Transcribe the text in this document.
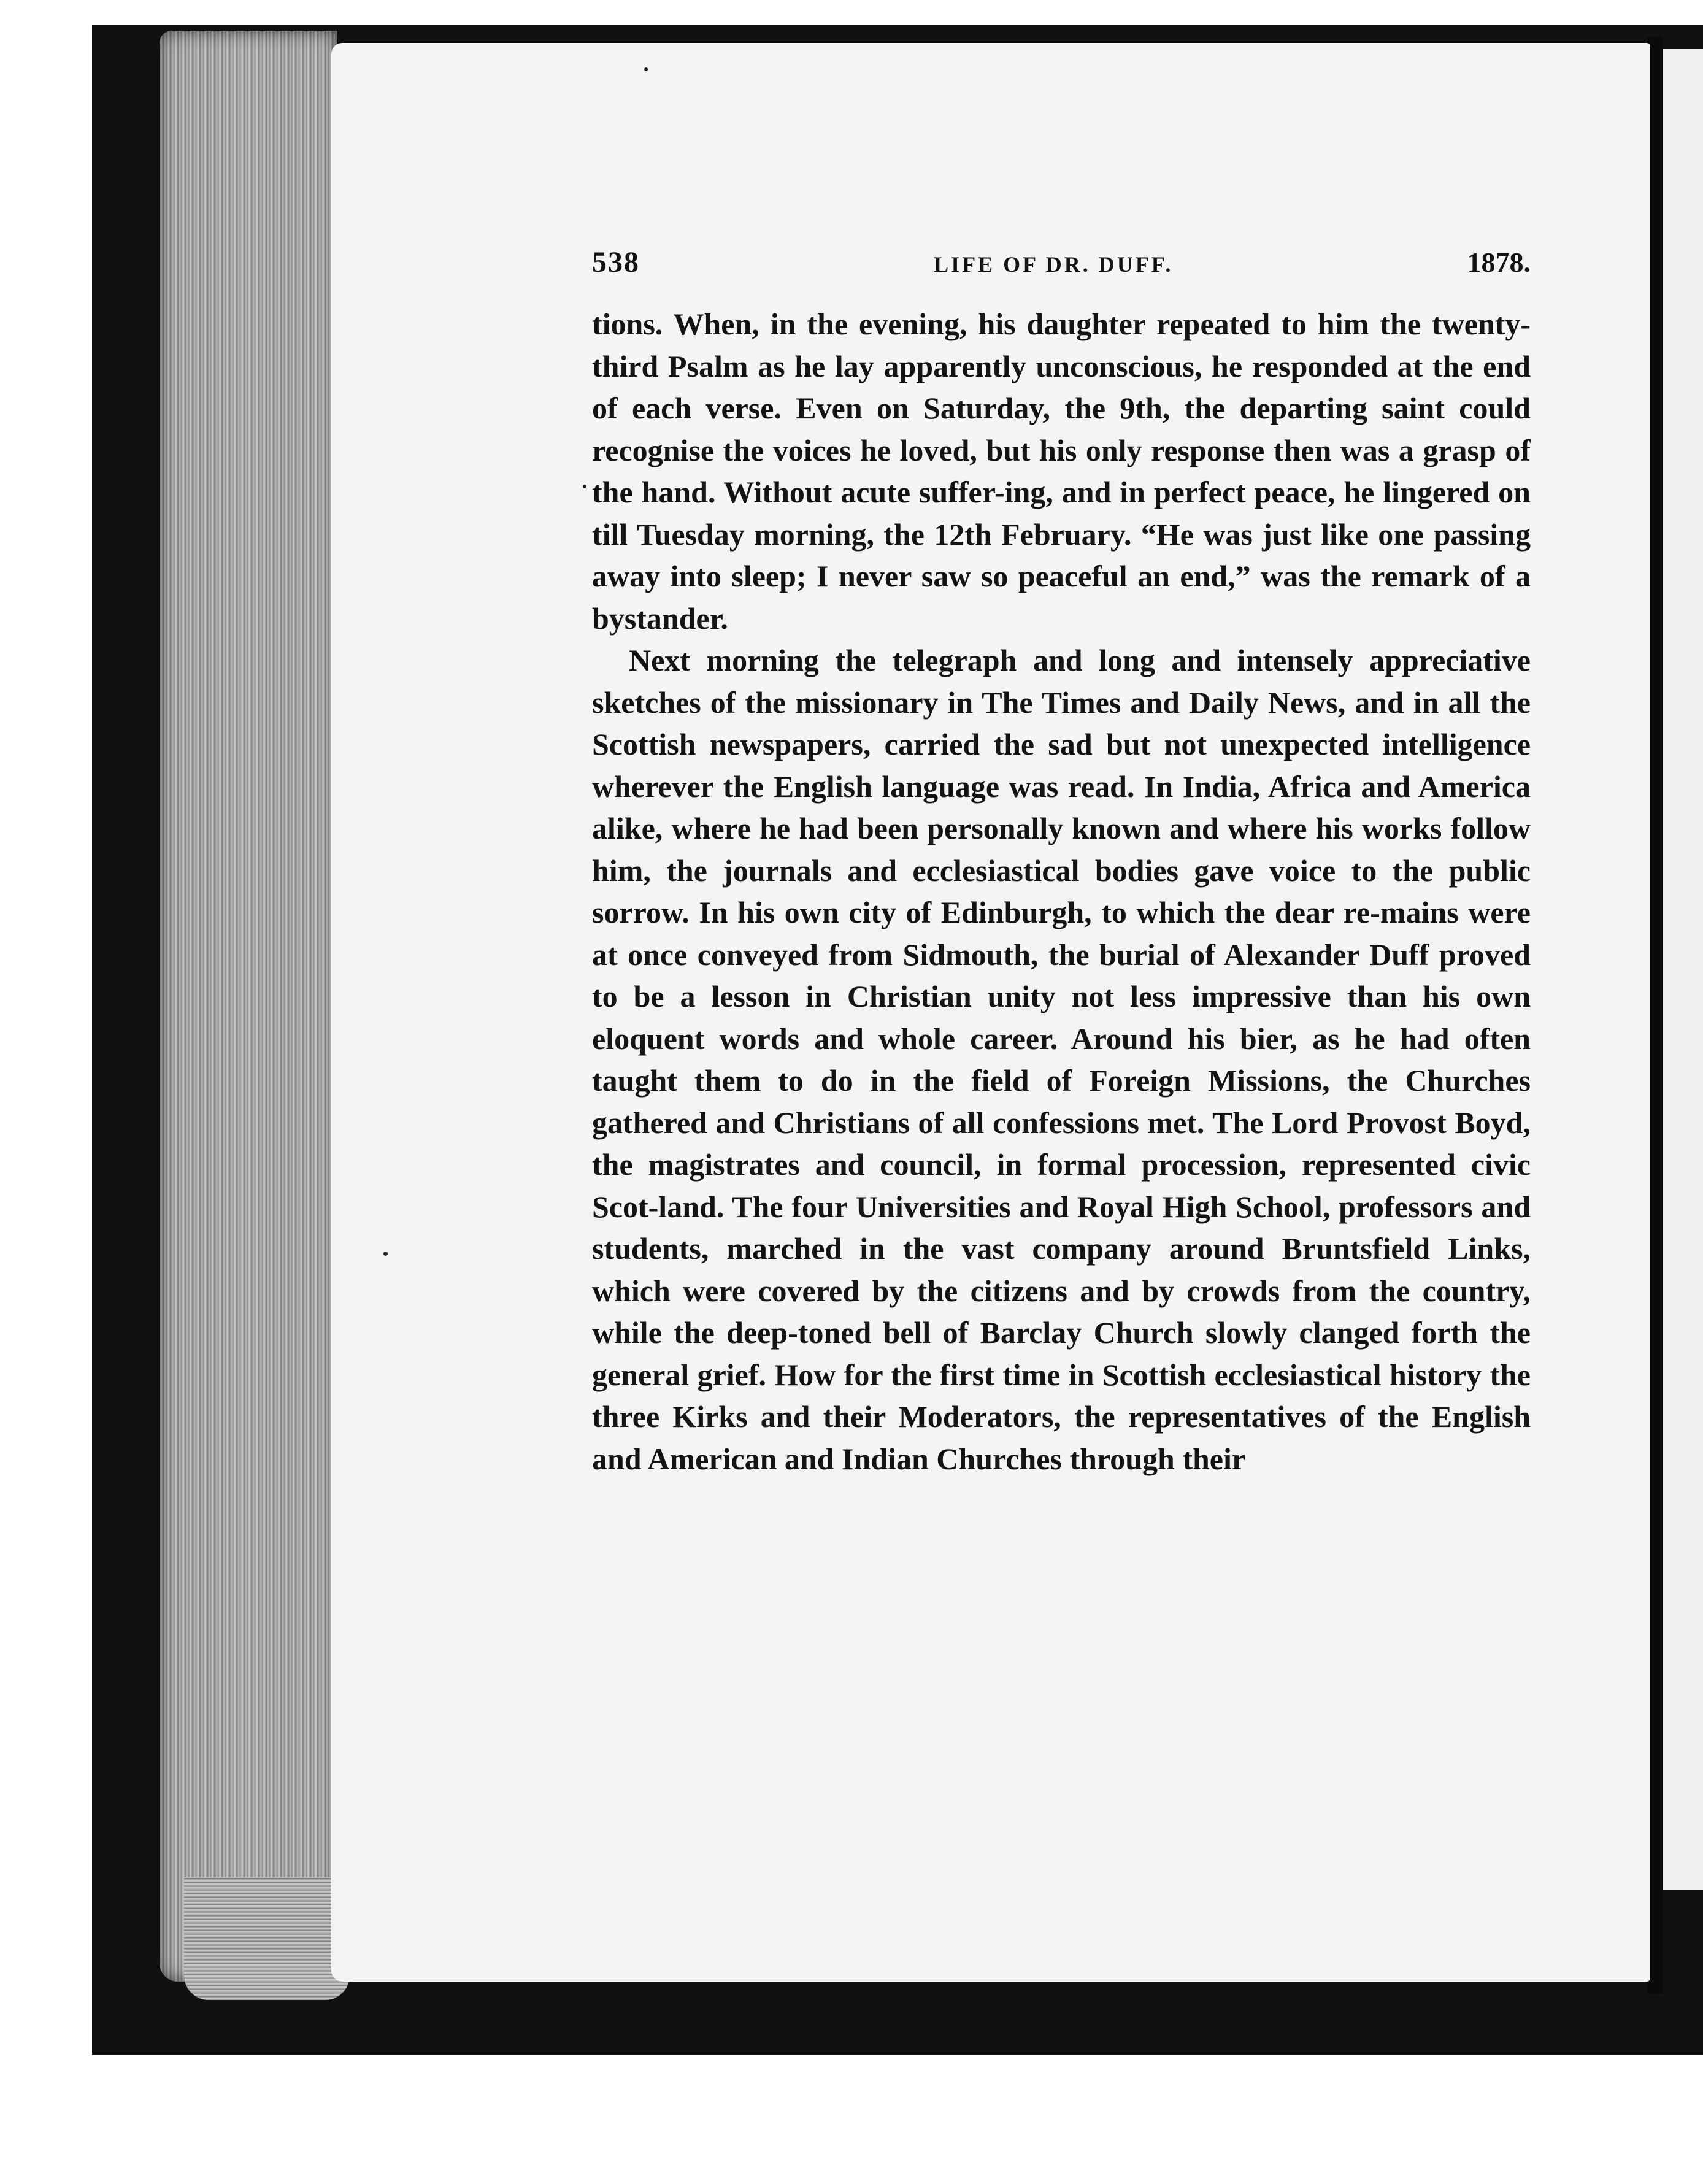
538	LIFE OF DR. DUFF.	1878.

tions. When, in the evening, his daughter repeated to him the twenty-third Psalm as he lay apparently unconscious, he responded at the end of each verse. Even on Saturday, the 9th, the departing saint could recognise the voices he loved, but his only response then was a grasp of the hand. Without acute suffer-ing, and in perfect peace, he lingered on till Tuesday morning, the 12th February. “He was just like one passing away into sleep; I never saw so peaceful an end,” was the remark of a bystander.

Next morning the telegraph and long and intensely appreciative sketches of the missionary in The Times and Daily News, and in all the Scottish newspapers, carried the sad but not unexpected intelligence wherever the English language was read. In India, Africa and America alike, where he had been personally known and where his works follow him, the journals and ecclesiastical bodies gave voice to the public sorrow. In his own city of Edinburgh, to which the dear re-mains were at once conveyed from Sidmouth, the burial of Alexander Duff proved to be a lesson in Christian unity not less impressive than his own eloquent words and whole career. Around his bier, as he had often taught them to do in the field of Foreign Missions, the Churches gathered and Christians of all confessions met. The Lord Provost Boyd, the magistrates and council, in formal procession, represented civic Scot-land. The four Universities and Royal High School, professors and students, marched in the vast company around Bruntsfield Links, which were covered by the citizens and by crowds from the country, while the deep-toned bell of Barclay Church slowly clanged forth the general grief. How for the first time in Scottish ecclesiastical history the three Kirks and their Moderators, the representatives of the English and American and Indian Churches through their
